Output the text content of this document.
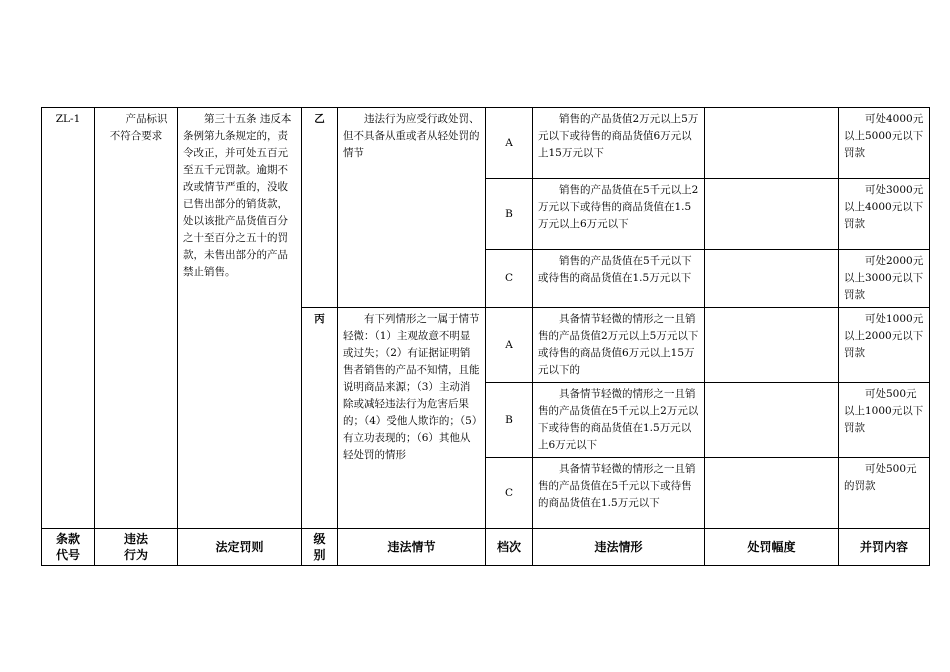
ZL-1	产品标识不符合要求	第三十五条 违反本条例第九条规定的，责令改正，并可处五百元至五千元罚款。逾期不改或情节严重的，没收已售出部分的销货款，处以该批产品货值百分之十至百分之五十的罚款，未售出部分的产品禁止销售。	乙	违法行为应受行政处罚、但不具备从重或者从轻处罚的情节	A	销售的产品货值2万元以上5万元以下或待售的商品货值6万元以上15万元以下		可处4000元以上5000元以下罚款
					B	销售的产品货值在5千元以上2万元以下或待售的商品货值在1.5万元以上6万元以下		可处3000元以上4000元以下罚款
					C	销售的产品货值在5千元以下或待售的商品货值在1.5万元以下		可处2000元以上3000元以下罚款
			丙	有下列情形之一属于情节轻微：（1）主观故意不明显或过失；（2）有证据证明销售者销售的产品不知情，且能说明商品来源；（3）主动消除或减轻违法行为危害后果的；（4）受他人欺诈的；（5）有立功表现的；（6）其他从轻处罚的情形	A	具备情节轻微的情形之一且销售的产品货值2万元以上5万元以下或待售的商品货值6万元以上15万元以下的		可处1000元以上2000元以下罚款
					B	具备情节轻微的情形之一且销售的产品货值在5千元以上2万元以下或待售的商品货值在1.5万元以上6万元以下		可处500元以上1000元以下罚款
					C	具备情节轻微的情形之一且销售的产品货值在5千元以下或待售的商品货值在1.5万元以下		可处500元的罚款
条款代号	违法行为	法定罚则	级别	违法情节	档次	违法情形	处罚幅度	并罚内容
